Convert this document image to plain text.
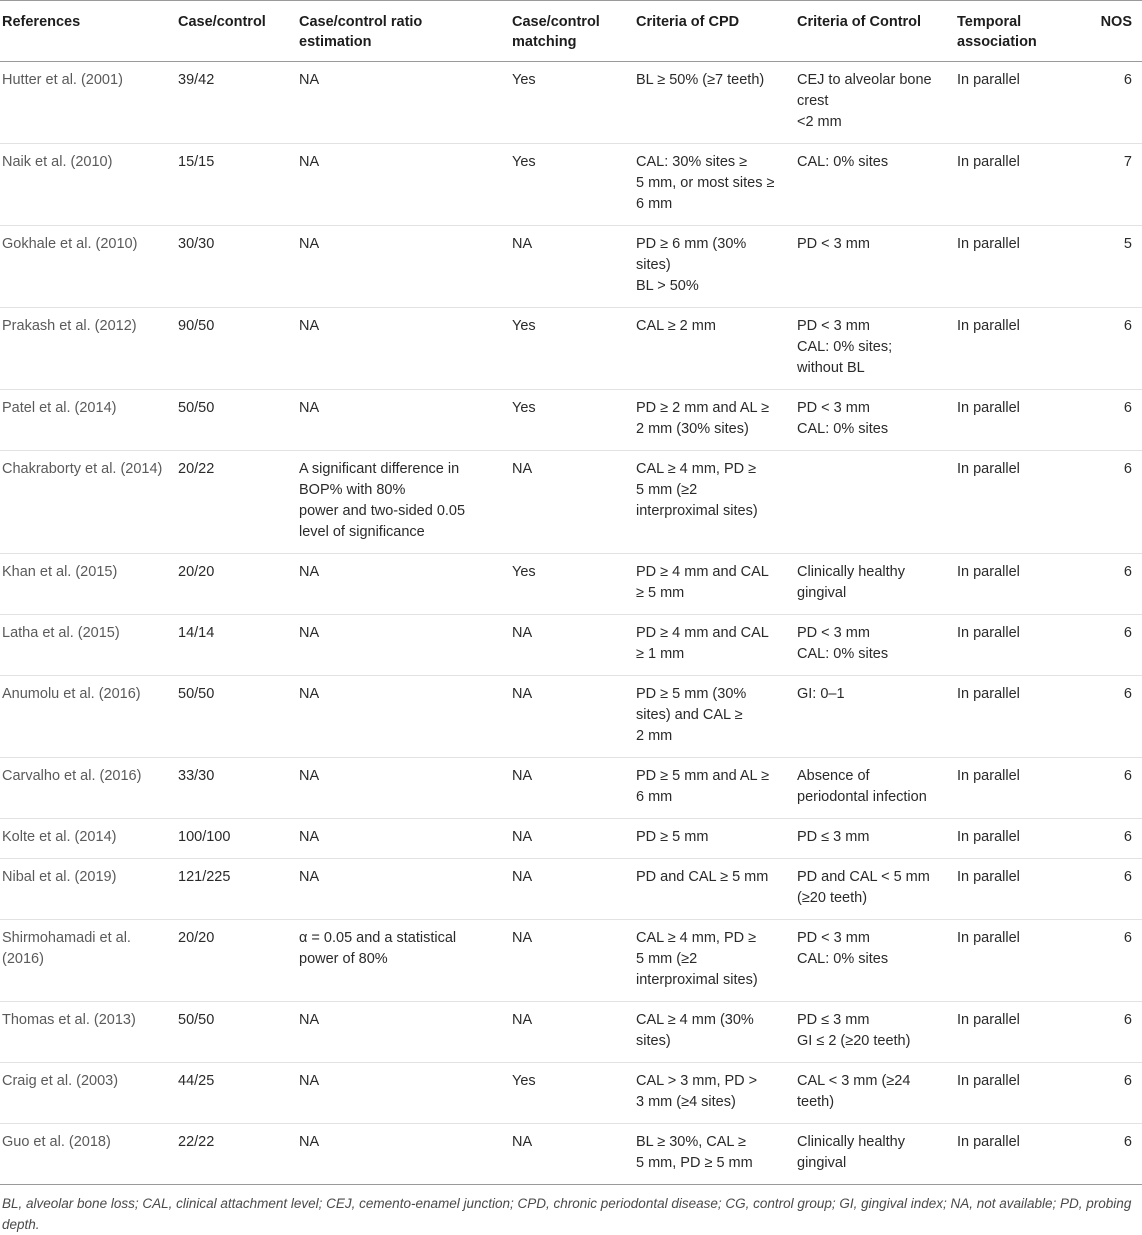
References	Case/control	Case/control ratio
estimation	Case/control
matching	Criteria of CPD	Criteria of Control	Temporal
association	NOS
Hutter et al. (2001)	39/42	NA	Yes	BL ≥ 50% (≥7 teeth)	CEJ to alveolar bone
crest
<2 mm	In parallel	6
Naik et al. (2010)	15/15	NA	Yes	CAL: 30% sites ≥
5 mm, or most sites ≥
6 mm	CAL: 0% sites	In parallel	7
Gokhale et al. (2010)	30/30	NA	NA	PD ≥ 6 mm (30%
sites)
BL > 50%	PD < 3 mm	In parallel	5
Prakash et al. (2012)	90/50	NA	Yes	CAL ≥ 2 mm	PD < 3 mm
CAL: 0% sites;
without BL	In parallel	6
Patel et al. (2014)	50/50	NA	Yes	PD ≥ 2 mm and AL ≥
2 mm (30% sites)	PD < 3 mm
CAL: 0% sites	In parallel	6
Chakraborty et al. (2014)	20/22	A significant difference in
BOP% with 80%
power and two-sided 0.05
level of significance	NA	CAL ≥ 4 mm, PD ≥
5 mm (≥2
interproximal sites)		In parallel	6
Khan et al. (2015)	20/20	NA	Yes	PD ≥ 4 mm and CAL
≥ 5 mm	Clinically healthy
gingival	In parallel	6
Latha et al. (2015)	14/14	NA	NA	PD ≥ 4 mm and CAL
≥ 1 mm	PD < 3 mm
CAL: 0% sites	In parallel	6
Anumolu et al. (2016)	50/50	NA	NA	PD ≥ 5 mm (30%
sites) and CAL ≥
2 mm	GI: 0–1	In parallel	6
Carvalho et al. (2016)	33/30	NA	NA	PD ≥ 5 mm and AL ≥
6 mm	Absence of
periodontal infection	In parallel	6
Kolte et al. (2014)	100/100	NA	NA	PD ≥ 5 mm	PD ≤ 3 mm	In parallel	6
Nibal et al. (2019)	121/225	NA	NA	PD and CAL ≥ 5 mm	PD and CAL < 5 mm
(≥20 teeth)	In parallel	6
Shirmohamadi et al.
(2016)	20/20	α = 0.05 and a statistical
power of 80%	NA	CAL ≥ 4 mm, PD ≥
5 mm (≥2
interproximal sites)	PD < 3 mm
CAL: 0% sites	In parallel	6
Thomas et al. (2013)	50/50	NA	NA	CAL ≥ 4 mm (30%
sites)	PD ≤ 3 mm
GI ≤ 2 (≥20 teeth)	In parallel	6
Craig et al. (2003)	44/25	NA	Yes	CAL > 3 mm, PD >
3 mm (≥4 sites)	CAL < 3 mm (≥24
teeth)	In parallel	6
Guo et al. (2018)	22/22	NA	NA	BL ≥ 30%, CAL ≥
5 mm, PD ≥ 5 mm	Clinically healthy
gingival	In parallel	6
BL, alveolar bone loss; CAL, clinical attachment level; CEJ, cemento-enamel junction; CPD, chronic periodontal disease; CG, control group; GI, gingival index; NA, not available; PD, probing depth.
